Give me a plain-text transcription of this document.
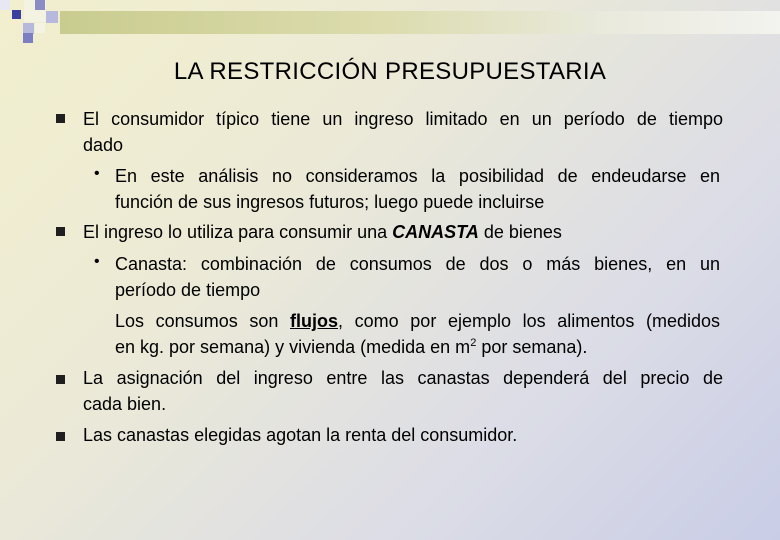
LA RESTRICCIÓN PRESUPUESTARIA
El consumidor típico tiene un ingreso limitado en un período de tiempo
dado
• En este análisis no consideramos la posibilidad de endeudarse en
función de sus ingresos futuros; luego puede incluirse
El ingreso lo utiliza para consumir una CANASTA de bienes
• Canasta: combinación de consumos de dos o más bienes, en un
período de tiempo
Los consumos son flujos, como por ejemplo los alimentos (medidos
en kg. por semana) y vivienda (medida en $m^2$ por semana).
La asignación del ingreso entre las canastas dependerá del precio de
cada bien.
Las canastas elegidas agotan la renta del consumidor.
